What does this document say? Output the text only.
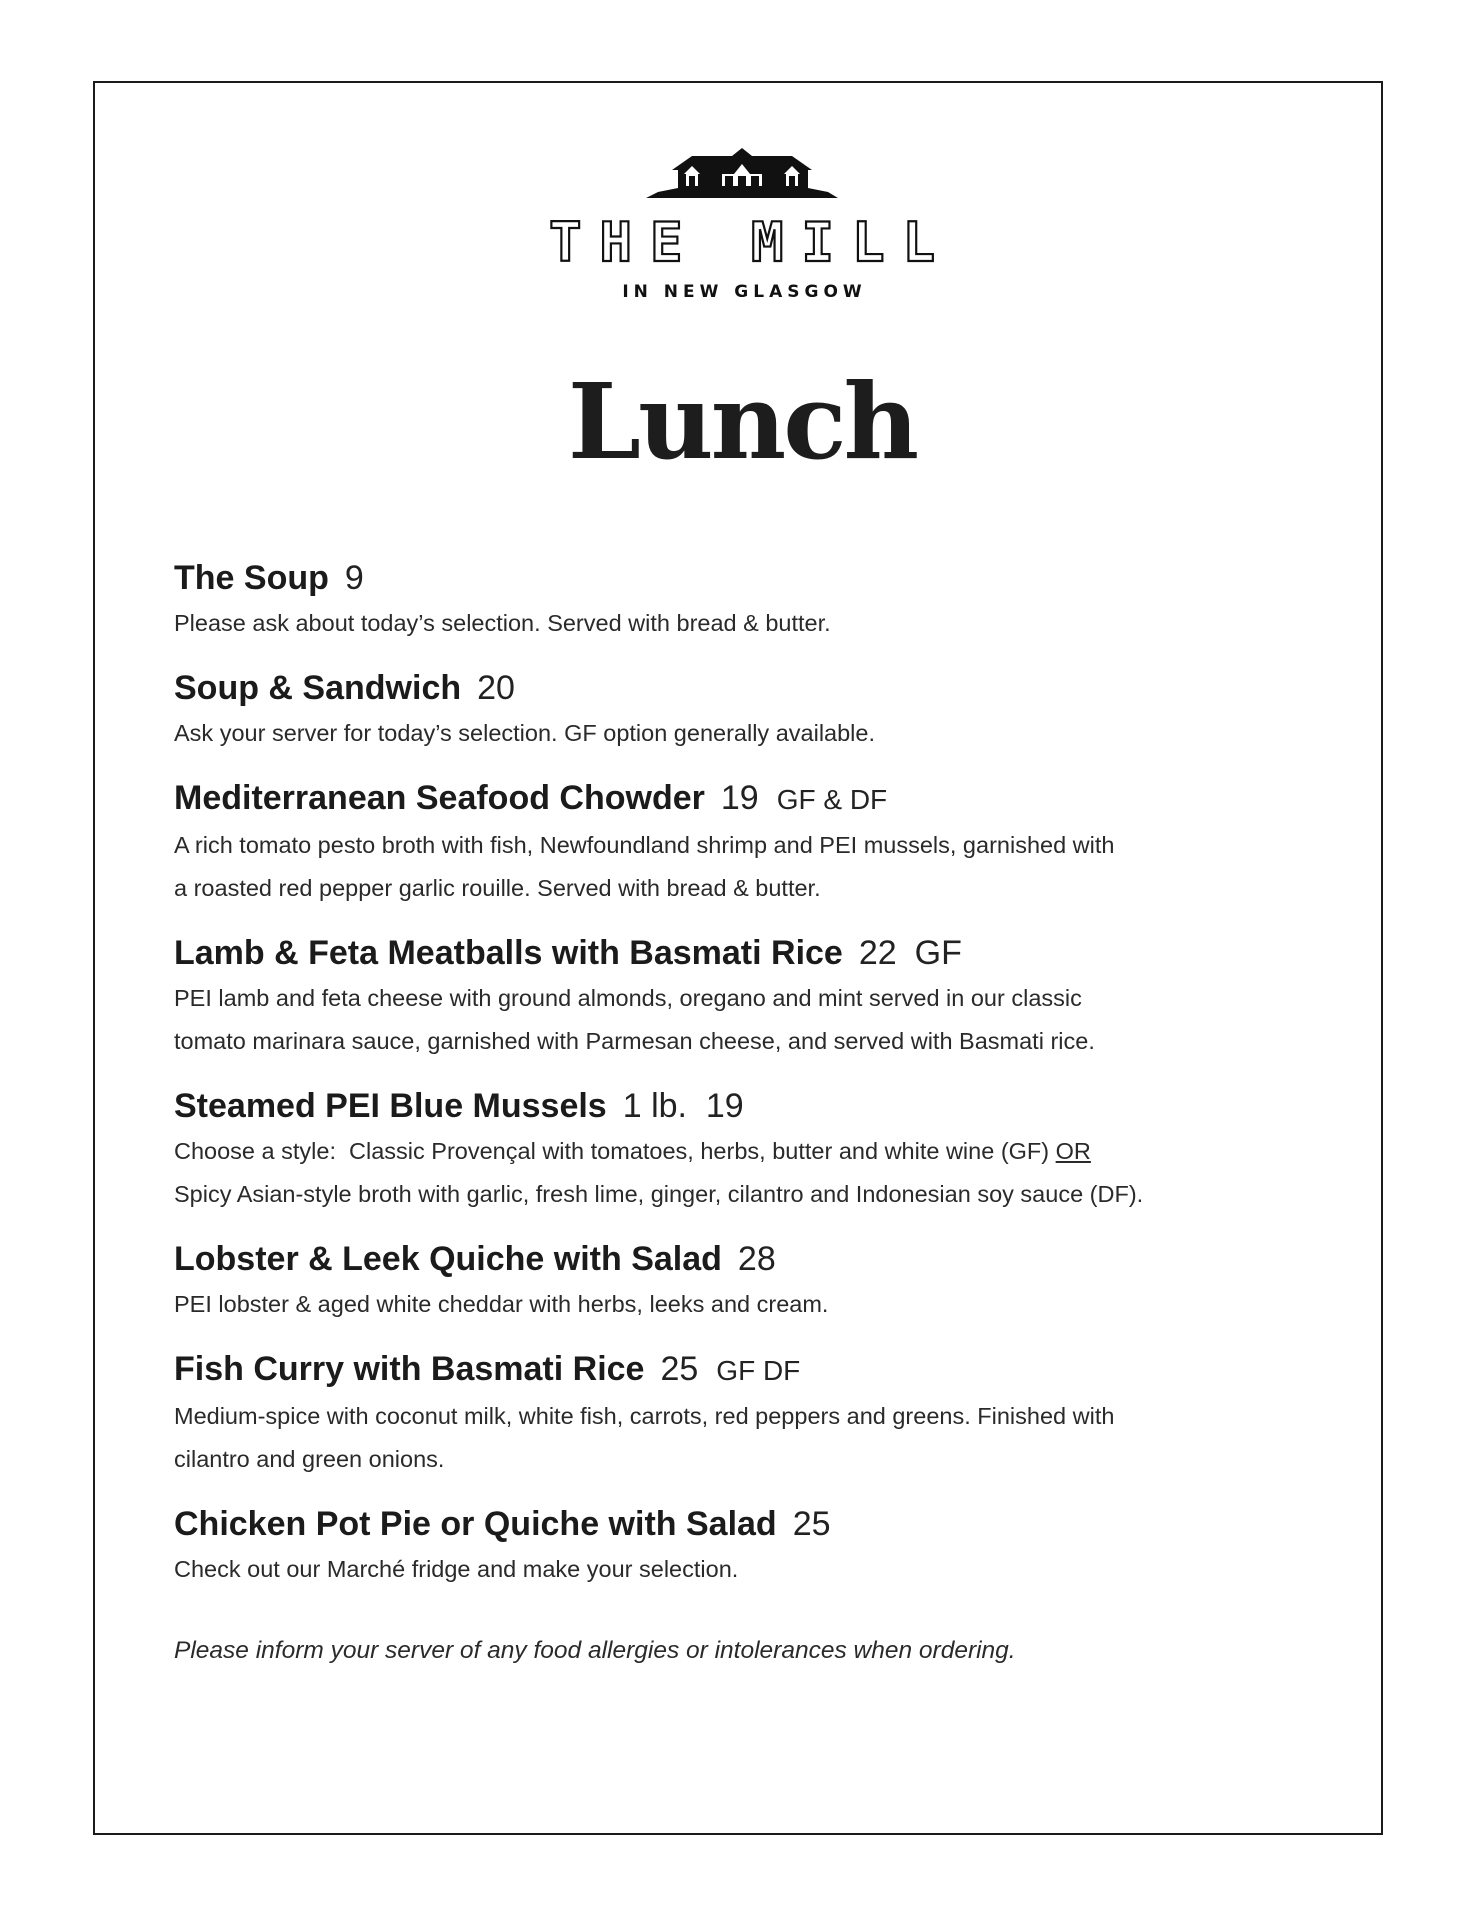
THE MILL
IN NEW GLASGOW
Lunch
The Soup 9
Please ask about today’s selection. Served with bread & butter.
Soup & Sandwich 20
Ask your server for today’s selection. GF option generally available.
Mediterranean Seafood Chowder 19 GF & DF
A rich tomato pesto broth with fish, Newfoundland shrimp and PEI mussels, garnished with
a roasted red pepper garlic rouille. Served with bread & butter.
Lamb & Feta Meatballs with Basmati Rice 22 GF
PEI lamb and feta cheese with ground almonds, oregano and mint served in our classic
tomato marinara sauce, garnished with Parmesan cheese, and served with Basmati rice.
Steamed PEI Blue Mussels 1 lb.  19
Choose a style:  Classic Provençal with tomatoes, herbs, butter and white wine (GF) OR
Spicy Asian-style broth with garlic, fresh lime, ginger, cilantro and Indonesian soy sauce (DF).
Lobster & Leek Quiche with Salad 28
PEI lobster & aged white cheddar with herbs, leeks and cream.
Fish Curry with Basmati Rice 25 GF DF
Medium-spice with coconut milk, white fish, carrots, red peppers and greens. Finished with
cilantro and green onions.
Chicken Pot Pie or Quiche with Salad 25
Check out our Marché fridge and make your selection.
Please inform your server of any food allergies or intolerances when ordering.
